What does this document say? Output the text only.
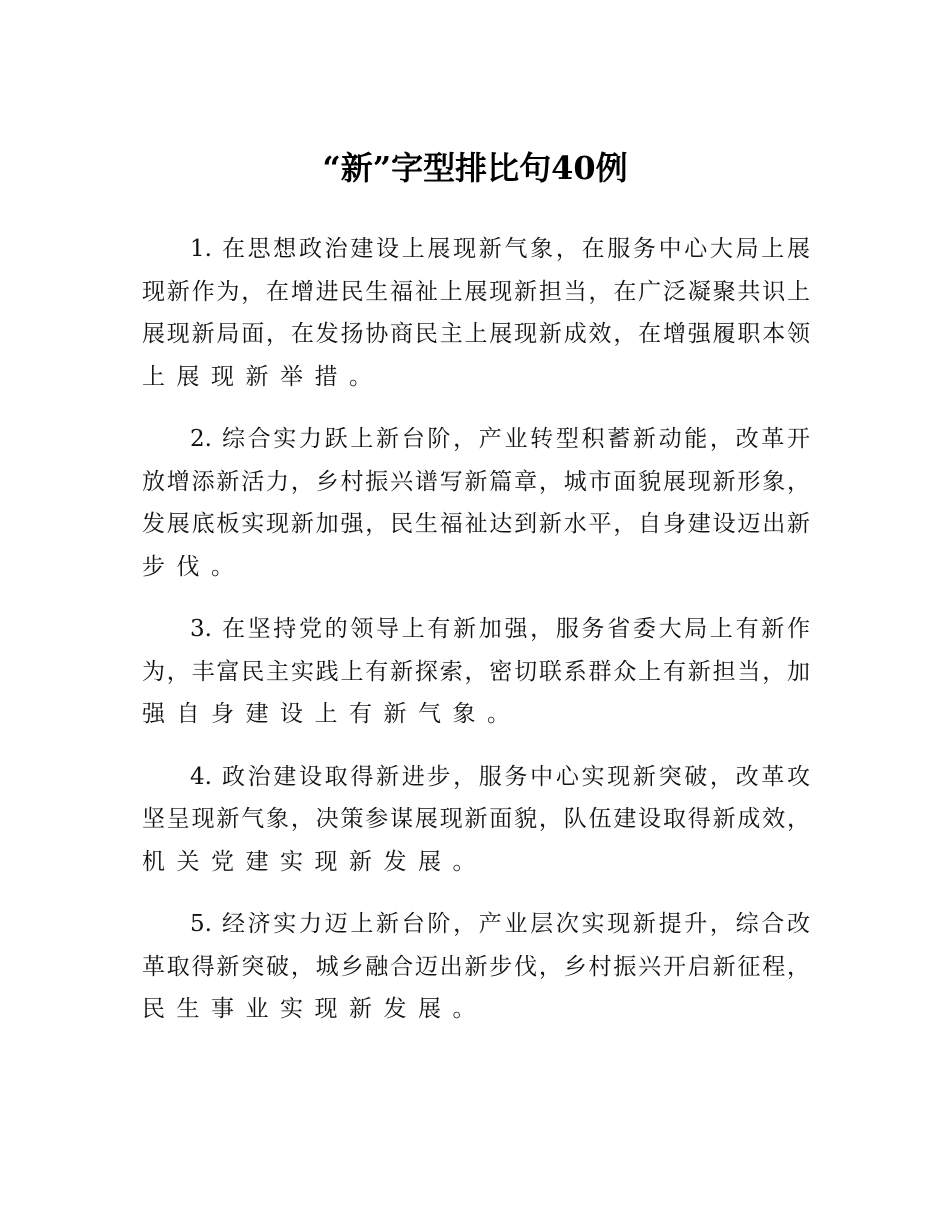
“新”字型排比句40例
1. 在思想政治建设上展现新气象，在服务中心大局上展
现新作为，在增进民生福祉上展现新担当，在广泛凝聚共识上
展现新局面，在发扬协商民主上展现新成效，在增强履职本领
上展现新举措。
2. 综合实力跃上新台阶，产业转型积蓄新动能，改革开
放增添新活力，乡村振兴谱写新篇章，城市面貌展现新形象，
发展底板实现新加强，民生福祉达到新水平，自身建设迈出新
步伐。
3. 在坚持党的领导上有新加强，服务省委大局上有新作
为，丰富民主实践上有新探索，密切联系群众上有新担当，加
强自身建设上有新气象。
4. 政治建设取得新进步，服务中心实现新突破，改革攻
坚呈现新气象，决策参谋展现新面貌，队伍建设取得新成效，
机关党建实现新发展。
5. 经济实力迈上新台阶，产业层次实现新提升，综合改
革取得新突破，城乡融合迈出新步伐，乡村振兴开启新征程，
民生事业实现新发展。
